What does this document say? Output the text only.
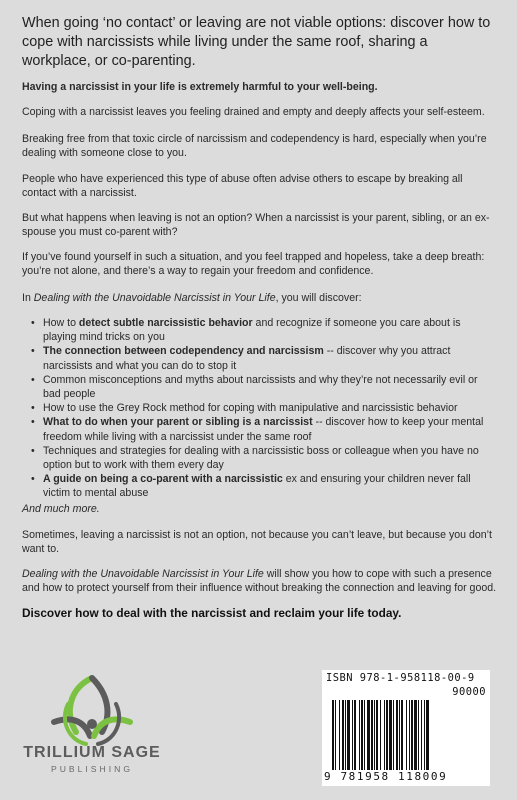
When going ‘no contact’ or leaving are not viable options: discover how to cope with narcissists while living under the same roof, sharing a workplace, or co-parenting.

Having a narcissist in your life is extremely harmful to your well-being.

Coping with a narcissist leaves you feeling drained and empty and deeply affects your self-esteem.

Breaking free from that toxic circle of narcissism and codependency is hard, especially when you’re dealing with someone close to you.

People who have experienced this type of abuse often advise others to escape by breaking all contact with a narcissist.

But what happens when leaving is not an option? When a narcissist is your parent, sibling, or an ex-spouse you must co-parent with?

If you’ve found yourself in such a situation, and you feel trapped and hopeless, take a deep breath: you’re not alone, and there’s a way to regain your freedom and confidence.

In Dealing with the Unavoidable Narcissist in Your Life, you will discover:

• How to detect subtle narcissistic behavior and recognize if someone you care about is playing mind tricks on you
• The connection between codependency and narcissism -- discover why you attract narcissists and what you can do to stop it
• Common misconceptions and myths about narcissists and why they’re not necessarily evil or bad people
• How to use the Grey Rock method for coping with manipulative and narcissistic behavior
• What to do when your parent or sibling is a narcissist -- discover how to keep your mental freedom while living with a narcissist under the same roof
• Techniques and strategies for dealing with a narcissistic boss or colleague when you have no option but to work with them every day
• A guide on being a co-parent with a narcissistic ex and ensuring your children never fall victim to mental abuse
And much more.
Sometimes, leaving a narcissist is not an option, not because you can’t leave, but because you don’t want to.
Dealing with the Unavoidable Narcissist in Your Life will show you how to cope with such a presence and how to protect yourself from their influence without breaking the connection and leaving for good.
Discover how to deal with the narcissist and reclaim your life today.
TRILLIUM SAGE
PUBLISHING
ISBN 978-1-958118-00-9
90000
9 781958 118009
